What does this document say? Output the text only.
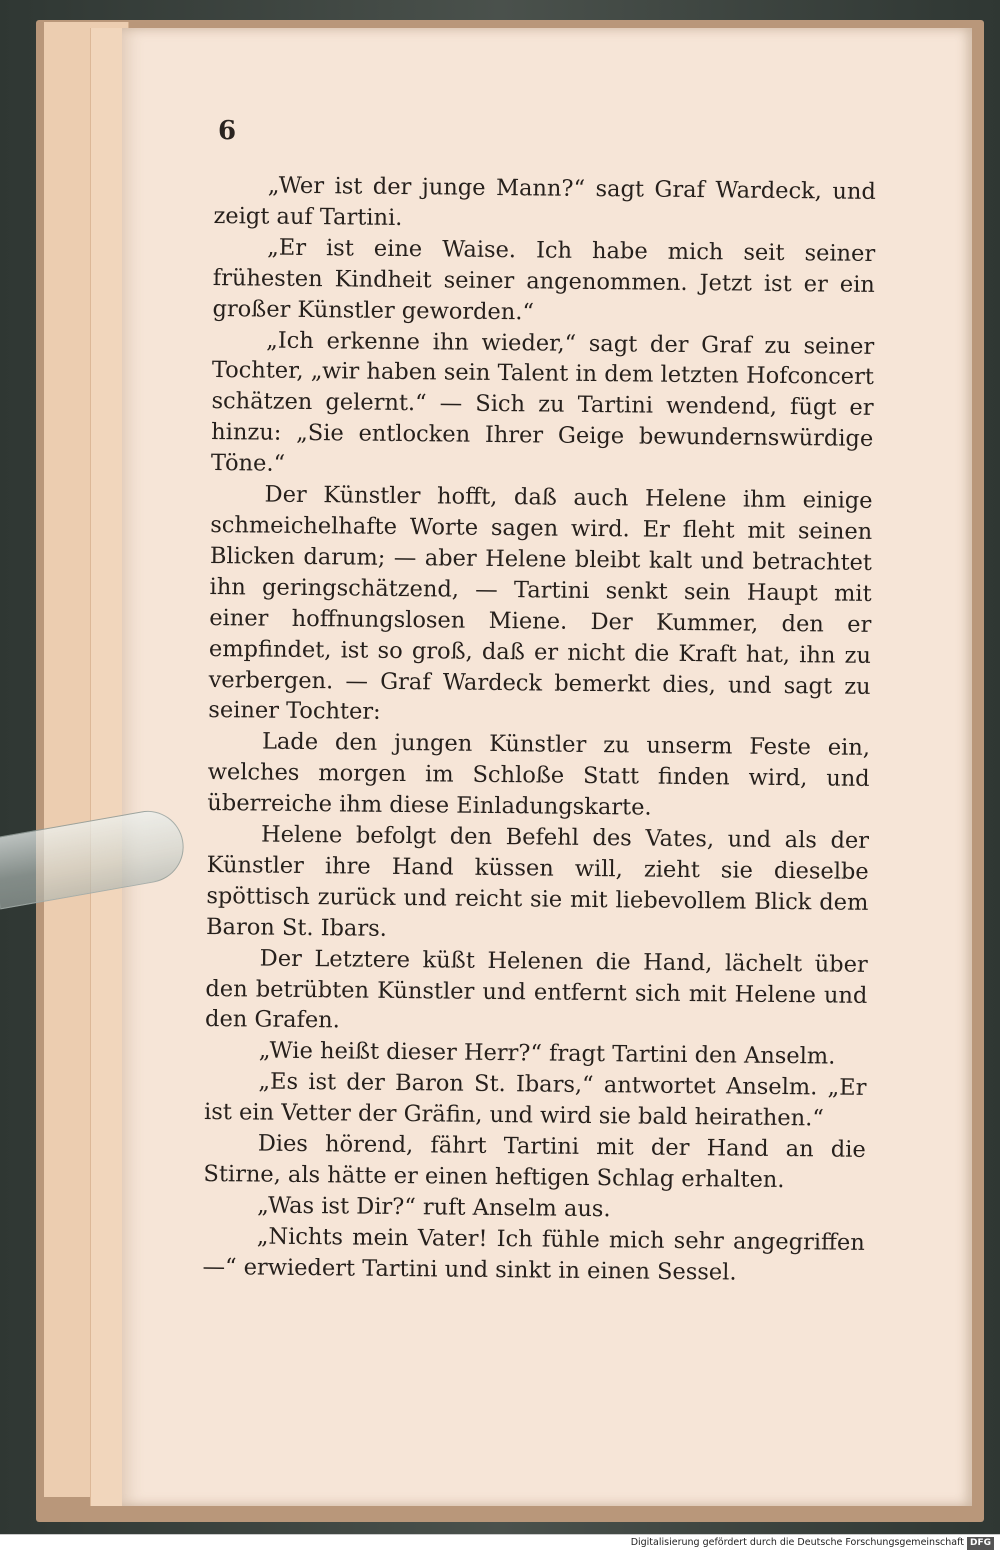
6

„Wer ist der junge Mann?“ sagt Graf Wardeck, und zeigt auf Tartini.

„Er ist eine Waise. Ich habe mich seit seiner frühesten Kindheit seiner angenommen. Jetzt ist er ein großer Künstler geworden.“

„Ich erkenne ihn wieder,“ sagt der Graf zu seiner Tochter, „wir haben sein Talent in dem letzten Hofconcert schätzen gelernt.“ — Sich zu Tartini wendend, fügt er hinzu: „Sie entlocken Ihrer Geige bewundernswürdige Töne.“

Der Künstler hofft, daß auch Helene ihm einige schmeichelhafte Worte sagen wird. Er fleht mit seinen Blicken darum; — aber Helene bleibt kalt und betrachtet ihn geringschätzend, — Tartini senkt sein Haupt mit einer hoffnungslosen Miene. Der Kummer, den er empfindet, ist so groß, daß er nicht die Kraft hat, ihn zu verbergen. — Graf Wardeck bemerkt dies, und sagt zu seiner Tochter:

Lade den jungen Künstler zu unserm Feste ein, welches morgen im Schloße Statt finden wird, und überreiche ihm diese Einladungskarte.

Helene befolgt den Befehl des Vates, und als der Künstler ihre Hand küssen will, zieht sie dieselbe spöttisch zurück und reicht sie mit liebevollem Blick dem Baron St. Ibars.

Der Letztere küßt Helenen die Hand, lächelt über den betrübten Künstler und entfernt sich mit Helene und den Grafen.

„Wie heißt dieser Herr?“ fragt Tartini den Anselm.

„Es ist der Baron St. Ibars,“ antwortet Anselm. „Er ist ein Vetter der Gräfin, und wird sie bald heirathen.“

Dies hörend, fährt Tartini mit der Hand an die Stirne, als hätte er einen heftigen Schlag erhalten.

„Was ist Dir?“ ruft Anselm aus.

„Nichts mein Vater! Ich fühle mich sehr angegriffen —“ erwiedert Tartini und sinkt in einen Sessel.

Digitalisierung gefördert durch die Deutsche Forschungsgemeinschaft DFG
